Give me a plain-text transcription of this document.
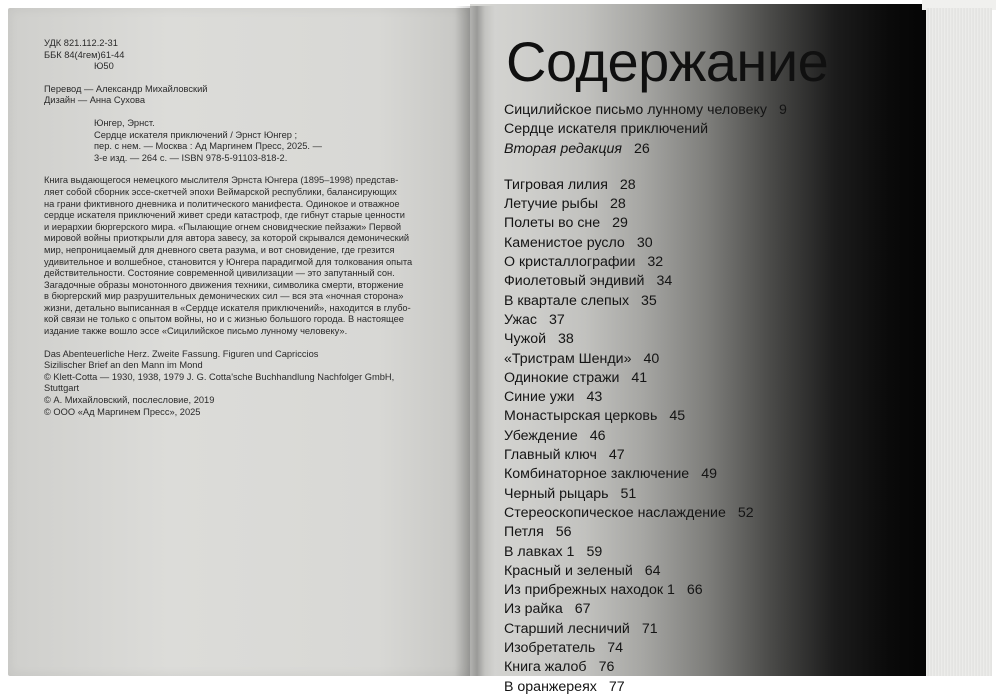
УДК 821.112.2-31
ББК 84(4гем)61-44
Ю50
Перевод — Александр Михайловский
Дизайн — Анна Сухова
Юнгер, Эрнст.
Сердце искателя приключений / Эрнст Юнгер ;
пер. с нем. — Москва : Ад Маргинем Пресс, 2025. —
3-е изд. — 264 с. — ISBN 978-5-91103-818-2.
Книга выдающегося немецкого мыслителя Эрнста Юнгера (1895–1998) представ-
ляет собой сборник эссе-скетчей эпохи Веймарской республики, балансирующих
на грани фиктивного дневника и политического манифеста. Одинокое и отважное
сердце искателя приключений живет среди катастроф, где гибнут старые ценности
и иерархии бюргерского мира. «Пылающие огнем сновидческие пейзажи» Первой
мировой войны приоткрыли для автора завесу, за которой скрывался демонический
мир, непроницаемый для дневного света разума, и вот сновидение, где грезится
удивительное и волшебное, становится у Юнгера парадигмой для толкования опыта
действительности. Состояние современной цивилизации — это запутанный сон.
Загадочные образы монотонного движения техники, символика смерти, вторжение
в бюргерский мир разрушительных демонических сил — вся эта «ночная сторона»
жизни, детально выписанная в «Сердце искателя приключений», находится в глубо-
кой связи не только с опытом войны, но и с жизнью большого города. В настоящее
издание также вошло эссе «Сицилийское письмо лунному человеку».
Das Abenteuerliche Herz. Zweite Fassung. Figuren und Capriccios
Sizilischer Brief an den Mann im Mond
© Klett-Cotta — 1930, 1938, 1979 J. G. Cotta'sche Buchhandlung Nachfolger GmbH,
Stuttgart
© А. Михайловский, послесловие, 2019
© ООО «Ад Маргинем Пресс», 2025
Содержание
Сицилийское письмо лунному человеку 9
Сердце искателя приключений
Вторая редакция 26
Тигровая лилия 28
Летучие рыбы 28
Полеты во сне 29
Каменистое русло 30
О кристаллографии 32
Фиолетовый эндивий 34
В квартале слепых 35
Ужас 37
Чужой 38
«Тристрам Шенди» 40
Одинокие стражи 41
Синие ужи 43
Монастырская церковь 45
Убеждение 46
Главный ключ 47
Комбинаторное заключение 49
Черный рыцарь 51
Стереоскопическое наслаждение 52
Петля 56
В лавках 1 59
Красный и зеленый 64
Из прибрежных находок 1 66
Из райка 67
Старший лесничий 71
Изобретатель 74
Книга жалоб 76
В оранжереях 77
